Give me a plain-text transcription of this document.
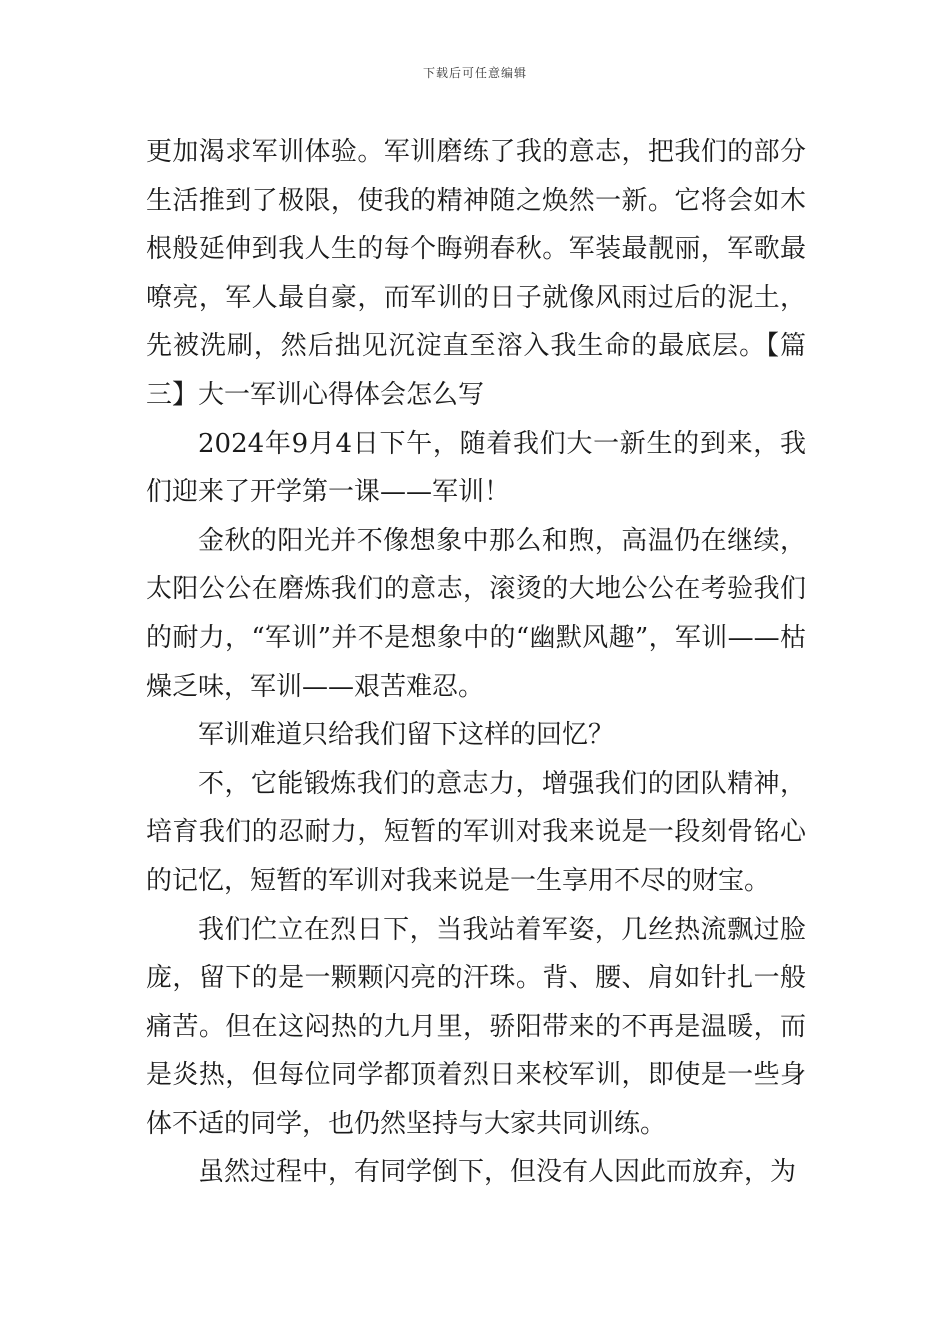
下载后可任意编辑

更加渴求军训体验。军训磨练了我的意志，把我们的部分生活推到了极限，使我的精神随之焕然一新。它将会如木根般延伸到我人生的每个晦朔春秋。军装最靓丽，军歌最嘹亮，军人最自豪，而军训的日子就像风雨过后的泥土，先被洗刷，然后拙见沉淀直至溶入我生命的最底层。【篇三】大一军训心得体会怎么写

2024年9月4日下午，随着我们大一新生的到来，我们迎来了开学第一课——军训！

金秋的阳光并不像想象中那么和煦，高温仍在继续，太阳公公在磨炼我们的意志，滚烫的大地公公在考验我们的耐力，“军训”并不是想象中的“幽默风趣”，军训——枯燥乏味，军训——艰苦难忍。

军训难道只给我们留下这样的回忆？

不，它能锻炼我们的意志力，增强我们的团队精神，培育我们的忍耐力，短暂的军训对我来说是一段刻骨铭心的记忆，短暂的军训对我来说是一生享用不尽的财宝。

我们伫立在烈日下，当我站着军姿，几丝热流飘过脸庞，留下的是一颗颗闪亮的汗珠。背、腰、肩如针扎一般痛苦。但在这闷热的九月里，骄阳带来的不再是温暖，而是炎热，但每位同学都顶着烈日来校军训，即使是一些身体不适的同学，也仍然坚持与大家共同训练。

虽然过程中，有同学倒下，但没有人因此而放弃，为
